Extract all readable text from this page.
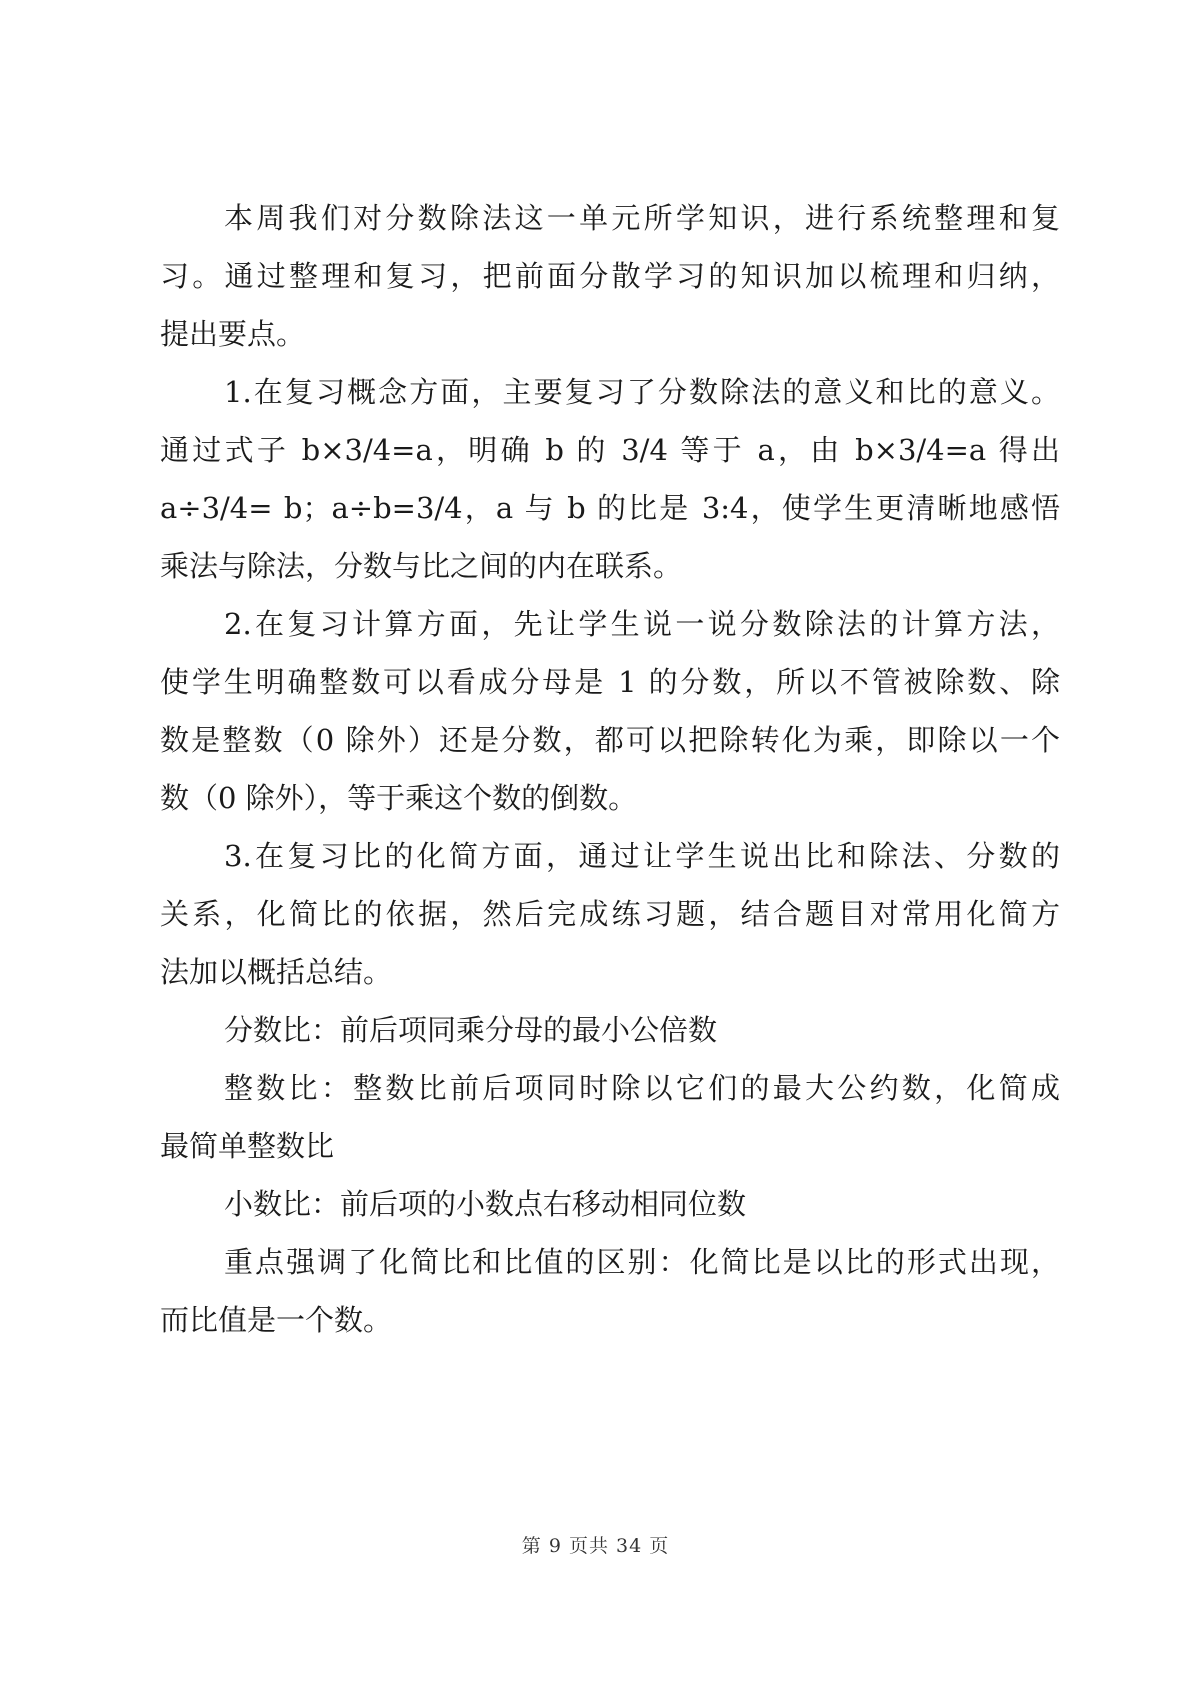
本周我们对分数除法这一单元所学知识，进行系统整理和复
习。通过整理和复习，把前面分散学习的知识加以梳理和归纳，
提出要点。
1.在复习概念方面，主要复习了分数除法的意义和比的意义。
通过式子 b×3/4=a，明确 b 的 3/4 等于 a，由 b×3/4=a 得出
a÷3/4= b；a÷b=3/4，a 与 b 的比是 3:4，使学生更清晰地感悟
乘法与除法，分数与比之间的内在联系。
2.在复习计算方面，先让学生说一说分数除法的计算方法，
使学生明确整数可以看成分母是 1 的分数，所以不管被除数、除
数是整数（0 除外）还是分数，都可以把除转化为乘，即除以一个
数（0 除外），等于乘这个数的倒数。
3.在复习比的化简方面，通过让学生说出比和除法、分数的
关系，化简比的依据，然后完成练习题，结合题目对常用化简方
法加以概括总结。
分数比：前后项同乘分母的最小公倍数
整数比：整数比前后项同时除以它们的最大公约数，化简成
最简单整数比
小数比：前后项的小数点右移动相同位数
重点强调了化简比和比值的区别：化简比是以比的形式出现，
而比值是一个数。
第 9 页共 34 页
